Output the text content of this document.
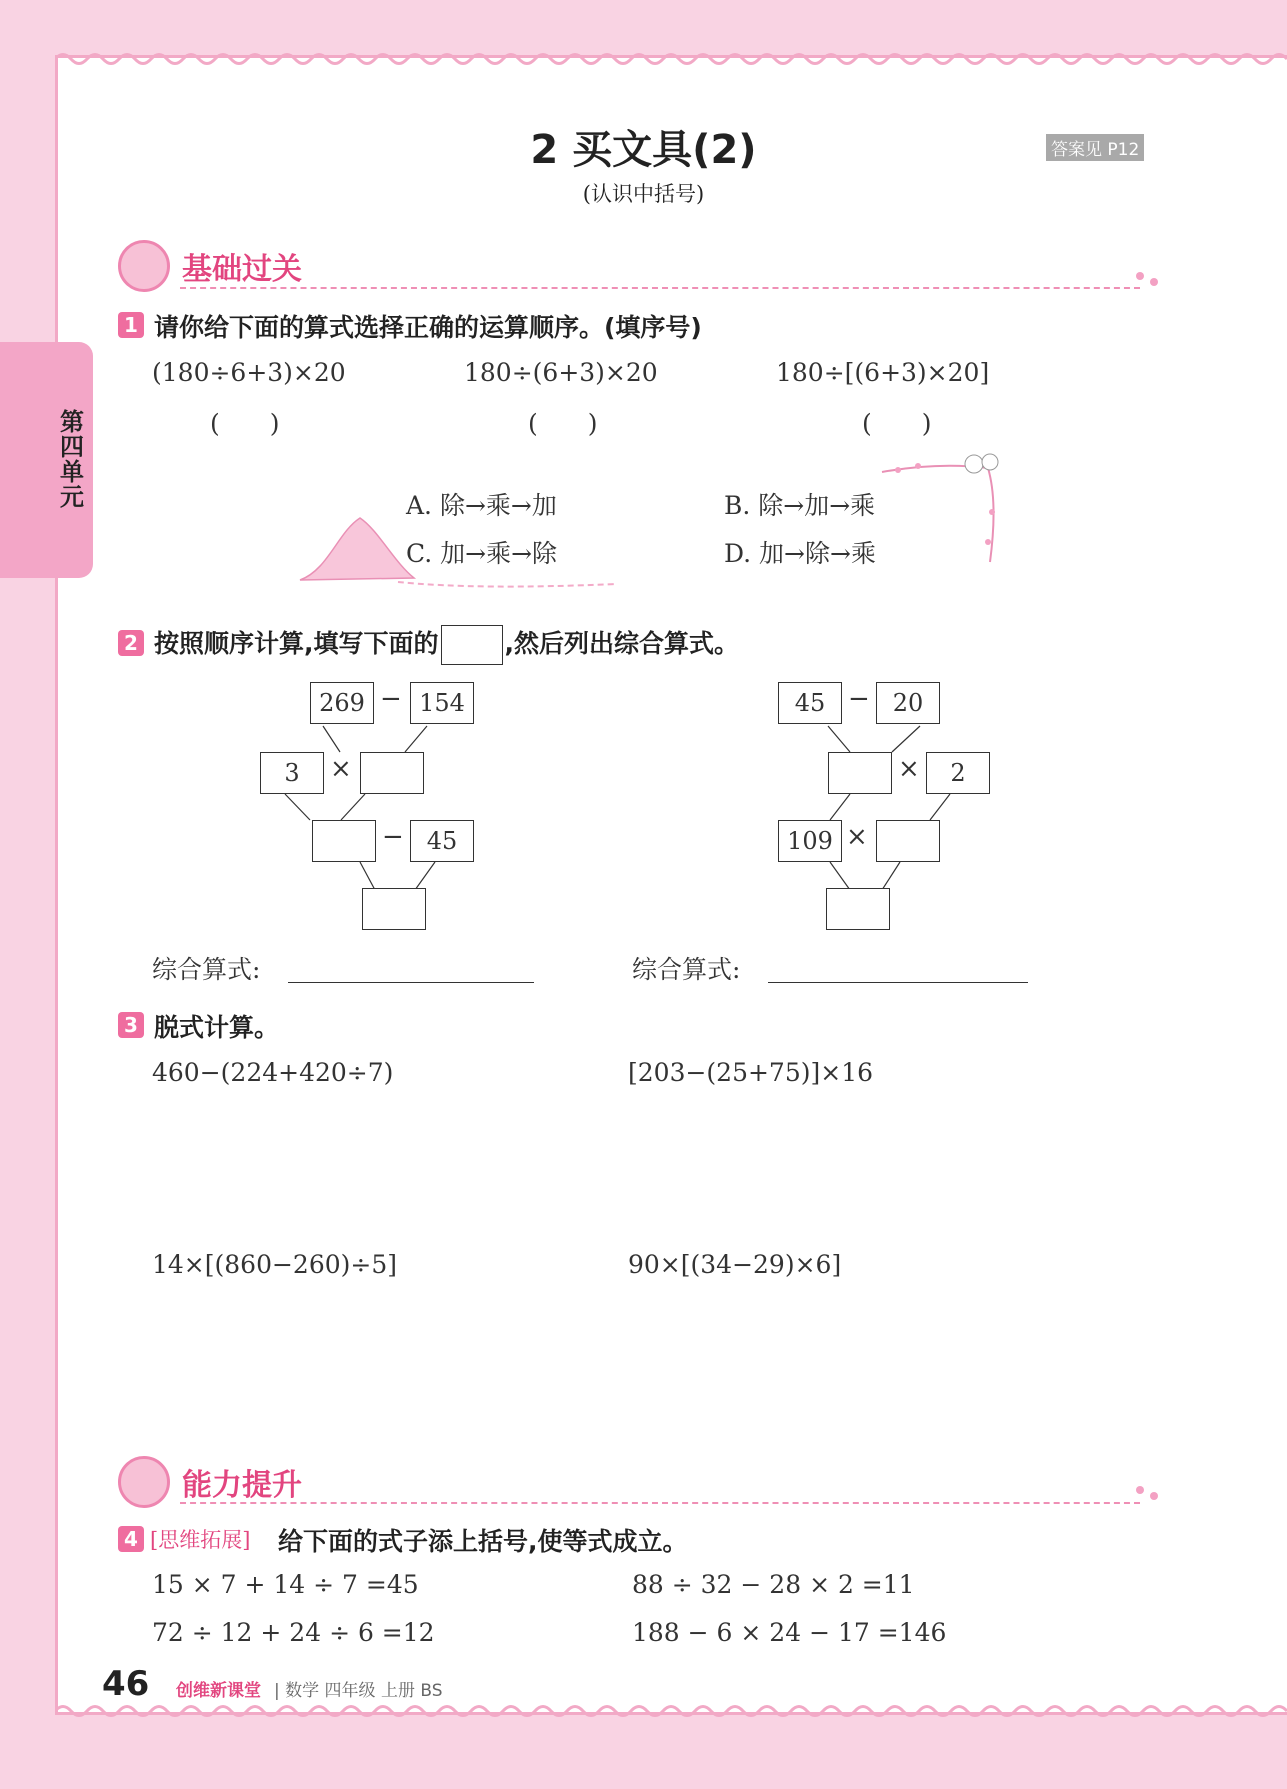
第四单元
2 买文具(2)
(认识中括号)
答案见 P12
基础过关
1 请你给下面的算式选择正确的运算顺序。(填序号)
(180÷6+3)×20	180÷(6+3)×20	180÷[(6+3)×20]
(　　)	(　　)	(　　)
A. 除→乘→加	B. 除→加→乘
C. 加→乘→除	D. 加→除→乘
2 按照顺序计算,填写下面的	,然后列出综合算式。
269 − 154
3	×
− 45
45 − 20
×	2
109 ×
综合算式:	综合算式:
3 脱式计算。
460−(224+420÷7)	[203−(25+75)]×16
14×[(860−260)÷5]	90×[(34−29)×6]
能力提升
4 [思维拓展] 给下面的式子添上括号,使等式成立。
15 × 7 + 14 ÷ 7 =45	88 ÷ 32 − 28 × 2 =11
72 ÷ 12 + 24 ÷ 6 =12	188 − 6 × 24 − 17 =146
46 创维新课堂 | 数学 四年级 上册 BS
